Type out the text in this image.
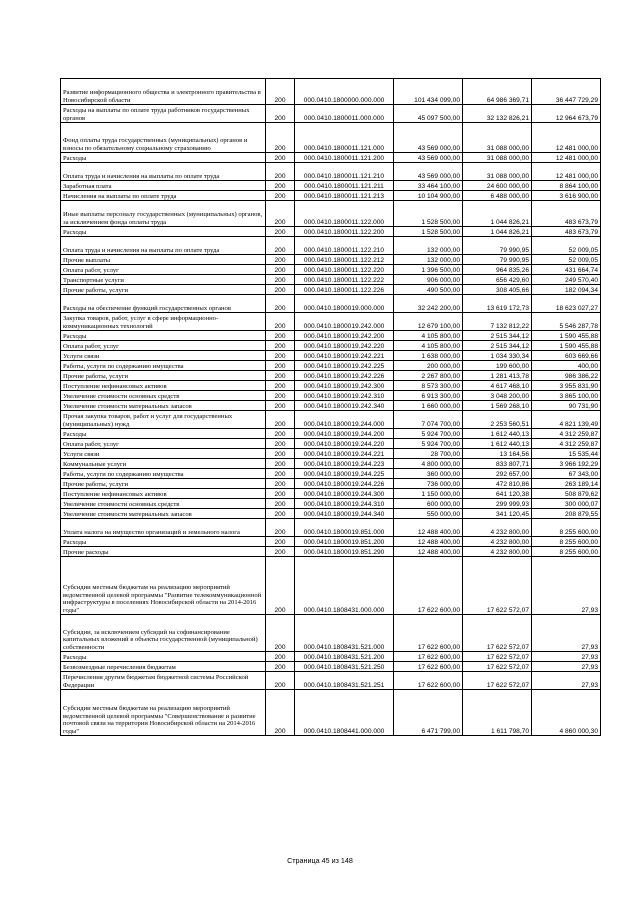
Развитие информационного общества и электронного правительства в Новосибирской области	200	000.0410.1800000.000.000	101 434 099,00	64 986 369,71	36 447 729,29
Расходы на выплаты по оплате труда работников государственных органов	200	000.0410.1800011.000.000	45 097 500,00	32 132 826,21	12 964 673,79
Фонд оплаты труда государственных (муниципальных) органов и взносы по обязательному социальному страхованию	200	000.0410.1800011.121.000	43 569 000,00	31 088 000,00	12 481 000,00
Расходы	200	000.0410.1800011.121.200	43 569 000,00	31 088 000,00	12 481 000,00
Оплата труда и начисления на выплаты по оплате труда	200	000.0410.1800011.121.210	43 569 000,00	31 088 000,00	12 481 000,00
Заработная плата	200	000.0410.1800011.121.211	33 464 100,00	24 600 000,00	8 864 100,00
Начисления на выплаты по оплате труда	200	000.0410.1800011.121.213	10 104 900,00	6 488 000,00	3 616 900,00
Иные выплаты персоналу государственных (муниципальных) органов, за исключением фонда оплаты труда	200	000.0410.1800011.122.000	1 528 500,00	1 044 826,21	483 673,79
Расходы	200	000.0410.1800011.122.200	1 528 500,00	1 044 826,21	483 673,79
Оплата труда и начисления на выплаты по оплате труда	200	000.0410.1800011.122.210	132 000,00	79 990,95	52 009,05
Прочие выплаты	200	000.0410.1800011.122.212	132 000,00	79 990,95	52 009,05
Оплата работ, услуг	200	000.0410.1800011.122.220	1 396 500,00	964 835,26	431 664,74
Транспортные услуги	200	000.0410.1800011.122.222	906 000,00	656 429,60	249 570,40
Прочие работы, услуги	200	000.0410.1800011.122.226	490 500,00	308 405,66	182 094,34
Расходы на обеспечение функций государственных органов	200	000.0410.1800019.000.000	32 242 200,00	13 619 172,73	18 623 027,27
Закупка товаров, работ, услуг в сфере информационно-коммуникационных технологий	200	000.0410.1800019.242.000	12 679 100,00	7 132 812,22	5 546 287,78
Расходы	200	000.0410.1800019.242.200	4 105 800,00	2 515 344,12	1 590 455,88
Оплата работ, услуг	200	000.0410.1800019.242.220	4 105 800,00	2 515 344,12	1 590 455,88
Услуги связи	200	000.0410.1800019.242.221	1 638 000,00	1 034 330,34	603 669,66
Работы, услуги по содержанию имущества	200	000.0410.1800019.242.225	200 000,00	199 600,00	400,00
Прочие работы, услуги	200	000.0410.1800019.242.226	2 267 800,00	1 281 413,78	986 386,22
Поступление нефинансовых активов	200	000.0410.1800019.242.300	8 573 300,00	4 617 468,10	3 955 831,90
Увеличение стоимости основных средств	200	000.0410.1800019.242.310	6 913 300,00	3 048 200,00	3 865 100,00
Увеличение стоимости материальных запасов	200	000.0410.1800019.242.340	1 660 000,00	1 569 268,10	90 731,90
Прочая закупка товаров, работ и услуг для государственных (муниципальных) нужд	200	000.0410.1800019.244.000	7 074 700,00	2 253 560,51	4 821 139,49
Расходы	200	000.0410.1800019.244.200	5 924 700,00	1 612 440,13	4 312 259,87
Оплата работ, услуг	200	000.0410.1800019.244.220	5 924 700,00	1 612 440,13	4 312 259,87
Услуги связи	200	000.0410.1800019.244.221	28 700,00	13 164,56	15 535,44
Коммунальные услуги	200	000.0410.1800019.244.223	4 800 000,00	833 807,71	3 966 192,29
Работы, услуги по содержанию имущества	200	000.0410.1800019.244.225	360 000,00	292 657,00	67 343,00
Прочие работы, услуги	200	000.0410.1800019.244.226	736 000,00	472 810,86	263 189,14
Поступление нефинансовых активов	200	000.0410.1800019.244.300	1 150 000,00	641 120,38	508 879,62
Увеличение стоимости основных средств	200	000.0410.1800019.244.310	600 000,00	299 999,93	300 000,07
Увеличение стоимости материальных запасов	200	000.0410.1800019.244.340	550 000,00	341 120,45	208 879,55
Уплата налога на имущество организаций и земельного налога	200	000.0410.1800019.851.000	12 488 400,00	4 232 800,00	8 255 600,00
Расходы	200	000.0410.1800019.851.200	12 488 400,00	4 232 800,00	8 255 600,00
Прочие расходы	200	000.0410.1800019.851.290	12 488 400,00	4 232 800,00	8 255 600,00
Субсидии местным бюджетам на реализацию мероприятий ведомственной целевой программы "Развитие телекоммуникационной инфраструктуры в поселениях Новосибирской области на 2014-2016 годы"	200	000.0410.1808431.000.000	17 622 600,00	17 622 572,07	27,93
Субсидии, за исключением субсидий на софинансирование капитальных вложений в объекты государственной (муниципальной) собственности	200	000.0410.1808431.521.000	17 622 600,00	17 622 572,07	27,93
Расходы	200	000.0410.1808431.521.200	17 622 600,00	17 622 572,07	27,93
Безвозмездные перечисления бюджетам	200	000.0410.1808431.521.250	17 622 600,00	17 622 572,07	27,93
Перечисления другим бюджетам бюджетной системы Российской Федерации	200	000.0410.1808431.521.251	17 622 600,00	17 622 572,07	27,93
Субсидии местным бюджетам на реализацию мероприятий ведомственной целевой программы "Совершенствование и развитие почтовой связи на территории Новосибирской области на 2014-2016 годы"	200	000.0410.1808441.000.000	6 471 799,00	1 611 798,70	4 860 000,30
Страница 45 из 148
